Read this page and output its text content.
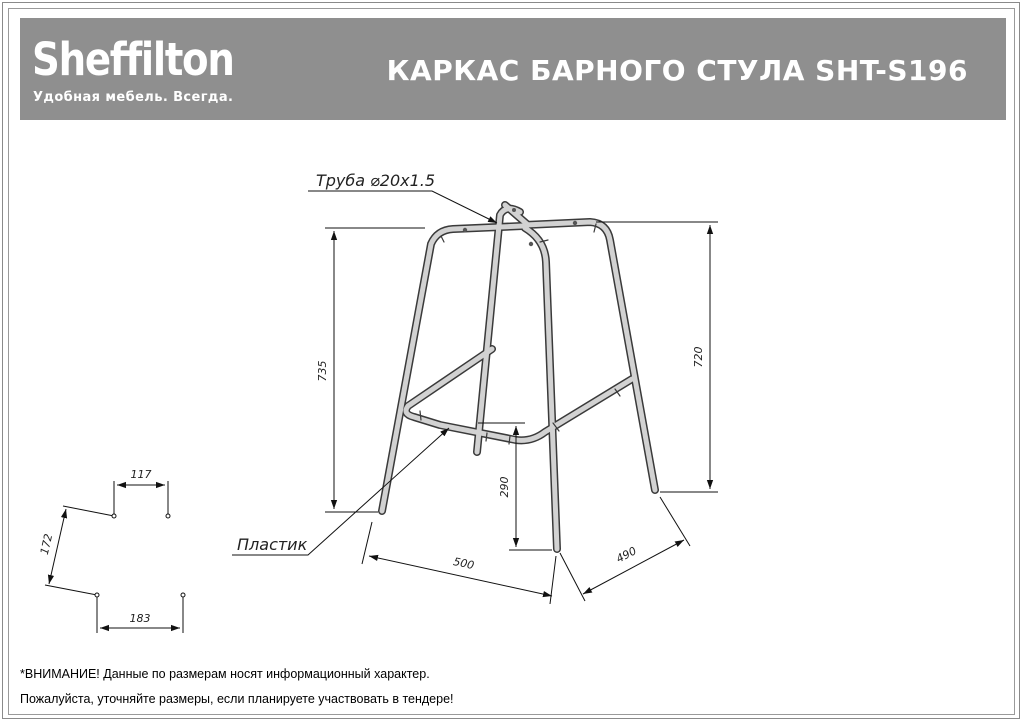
Sheffilton
Удобная мебель. Всегда.
КАРКАС БАРНОГО СТУЛА SHT-S196
Труба ⌀20x1.5
Пластик
735
720
290
500	490
117
172
183
*ВНИМАНИЕ! Данные по размерам носят информационный характер.
Пожалуйста, уточняйте размеры, если планируете участвовать в тендере!
